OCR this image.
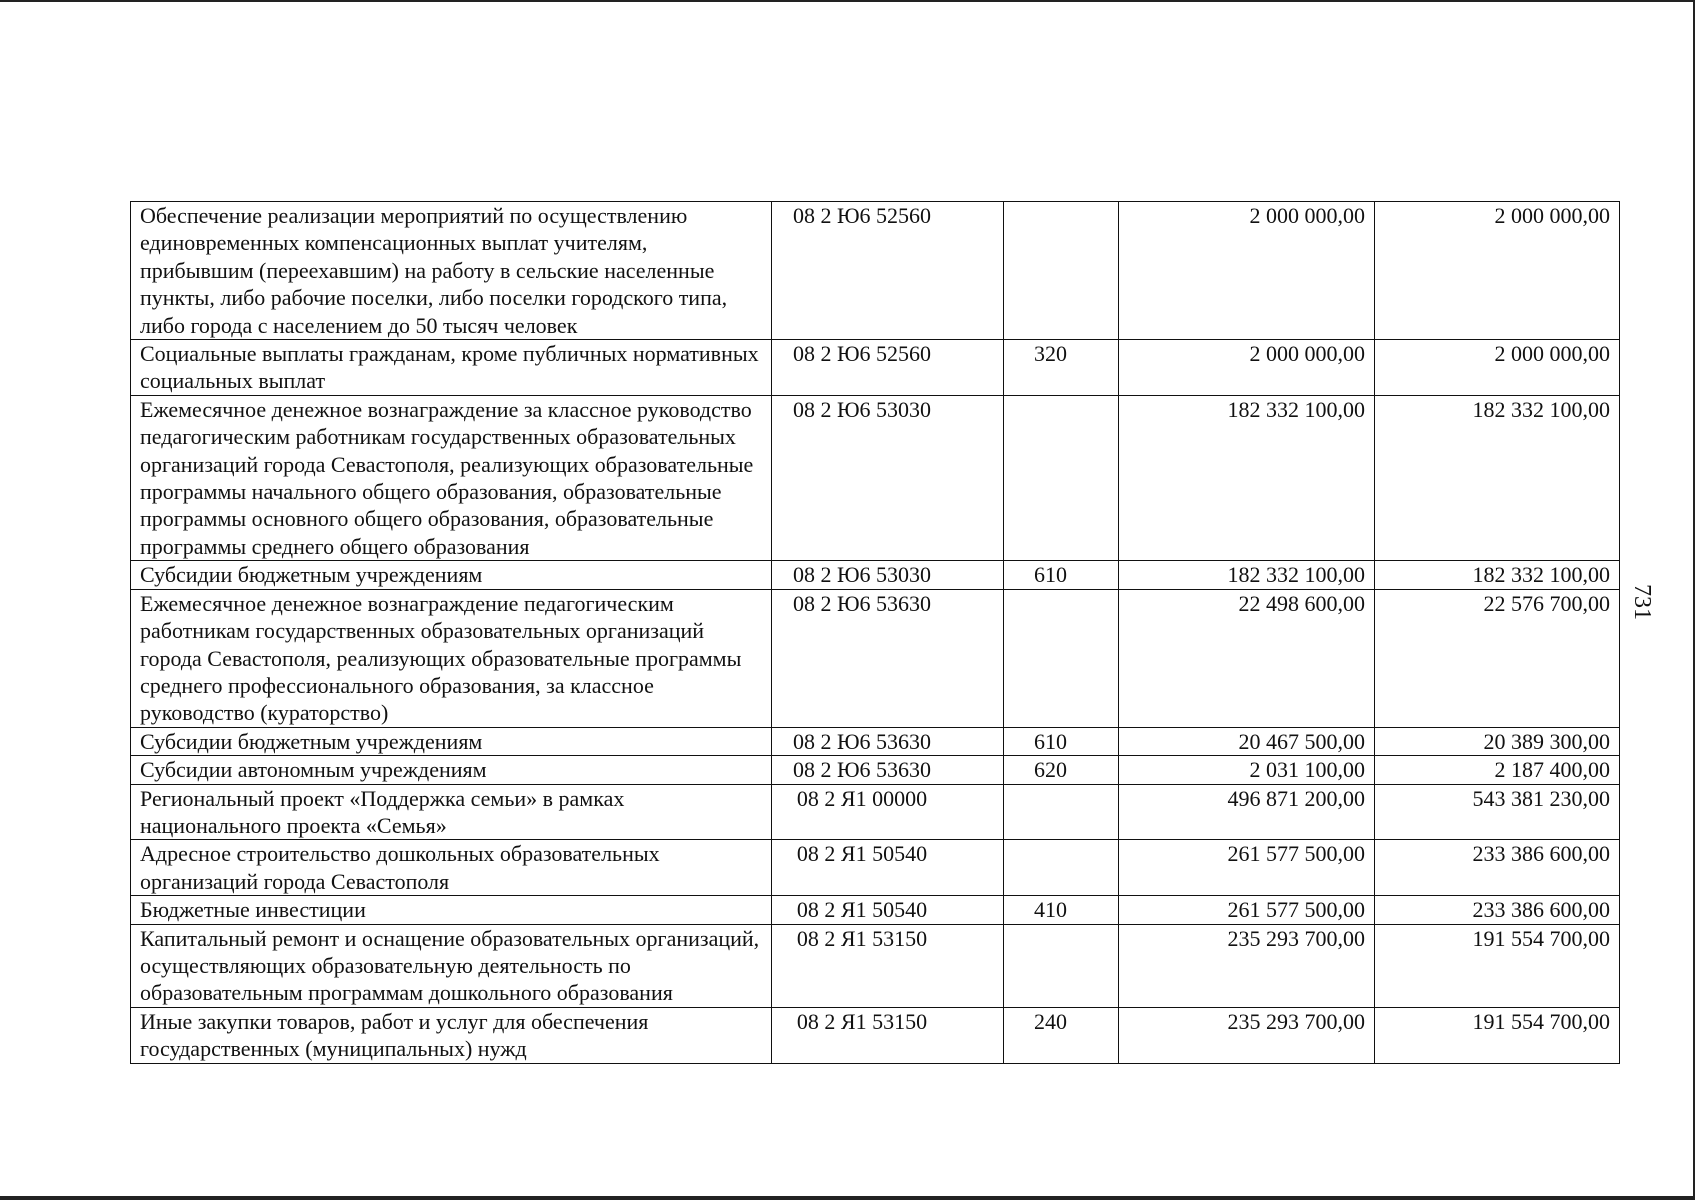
731
Обеспечение реализации мероприятий по осуществлению единовременных компенсационных выплат учителям, прибывшим (переехавшим) на работу в сельские населенные пункты, либо рабочие поселки, либо поселки городского типа, либо города с населением до 50 тысяч человек	08 2 Ю6 52560		2 000 000,00	2 000 000,00
Социальные выплаты гражданам, кроме публичных нормативных социальных выплат	08 2 Ю6 52560	320	2 000 000,00	2 000 000,00
Ежемесячное денежное вознаграждение за классное руководство педагогическим работникам государственных образовательных организаций города Севастополя, реализующих образовательные программы начального общего образования, образовательные программы основного общего образования, образовательные программы среднего общего образования	08 2 Ю6 53030		182 332 100,00	182 332 100,00
Субсидии бюджетным учреждениям	08 2 Ю6 53030	610	182 332 100,00	182 332 100,00
Ежемесячное денежное вознаграждение педагогическим работникам государственных образовательных организаций города Севастополя, реализующих образовательные программы среднего профессионального образования, за классное руководство (кураторство)	08 2 Ю6 53630		22 498 600,00	22 576 700,00
Субсидии бюджетным учреждениям	08 2 Ю6 53630	610	20 467 500,00	20 389 300,00
Субсидии автономным учреждениям	08 2 Ю6 53630	620	2 031 100,00	2 187 400,00
Региональный проект «Поддержка семьи» в рамках национального проекта «Семья»	08 2 Я1 00000		496 871 200,00	543 381 230,00
Адресное строительство дошкольных образовательных организаций города Севастополя	08 2 Я1 50540		261 577 500,00	233 386 600,00
Бюджетные инвестиции	08 2 Я1 50540	410	261 577 500,00	233 386 600,00
Капитальный ремонт и оснащение образовательных организаций, осуществляющих образовательную деятельность по образовательным программам дошкольного образования	08 2 Я1 53150		235 293 700,00	191 554 700,00
Иные закупки товаров, работ и услуг для обеспечения государственных (муниципальных) нужд	08 2 Я1 53150	240	235 293 700,00	191 554 700,00
